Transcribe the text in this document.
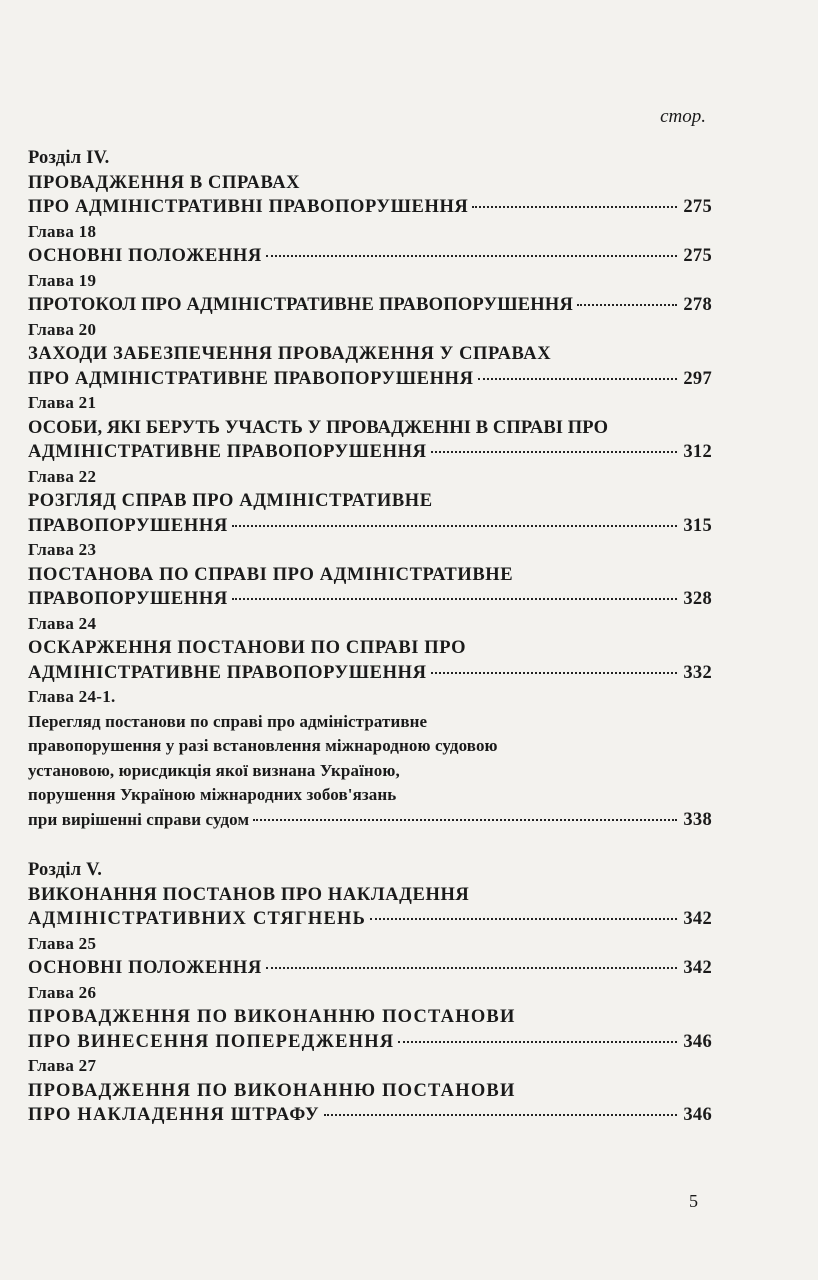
стор.
Розділ IV.
ПРОВАДЖЕННЯ В СПРАВАХ
ПРО АДМІНІСТРАТИВНІ ПРАВОПОРУШЕННЯ	275
Глава 18
ОСНОВНІ ПОЛОЖЕННЯ	275
Глава 19
ПРОТОКОЛ ПРО АДМІНІСТРАТИВНЕ ПРАВОПОРУШЕННЯ	278
Глава 20
ЗАХОДИ ЗАБЕЗПЕЧЕННЯ ПРОВАДЖЕННЯ У СПРАВАХ
ПРО АДМІНІСТРАТИВНЕ ПРАВОПОРУШЕННЯ	297
Глава 21
ОСОБИ, ЯКІ БЕРУТЬ УЧАСТЬ У ПРОВАДЖЕННІ В СПРАВІ ПРО
АДМІНІСТРАТИВНЕ ПРАВОПОРУШЕННЯ	312
Глава 22
РОЗГЛЯД СПРАВ ПРО АДМІНІСТРАТИВНЕ
ПРАВОПОРУШЕННЯ	315
Глава 23
ПОСТАНОВА ПО СПРАВІ ПРО АДМІНІСТРАТИВНЕ
ПРАВОПОРУШЕННЯ	328
Глава 24
ОСКАРЖЕННЯ ПОСТАНОВИ ПО СПРАВІ ПРО
АДМІНІСТРАТИВНЕ ПРАВОПОРУШЕННЯ	332
Глава 24-1.
Перегляд постанови по справі про адміністративне
правопорушення у разі встановлення міжнародною судовою
установою, юрисдикція якої визнана Україною,
порушення Україною міжнародних зобов'язань
при вирішенні справи судом	338
Розділ V.
ВИКОНАННЯ ПОСТАНОВ ПРО НАКЛАДЕННЯ
АДМІНІСТРАТИВНИХ СТЯГНЕНЬ	342
Глава 25
ОСНОВНІ ПОЛОЖЕННЯ	342
Глава 26
ПРОВАДЖЕННЯ ПО ВИКОНАННЮ ПОСТАНОВИ
ПРО ВИНЕСЕННЯ ПОПЕРЕДЖЕННЯ	346
Глава 27
ПРОВАДЖЕННЯ ПО ВИКОНАННЮ ПОСТАНОВИ
ПРО НАКЛАДЕННЯ ШТРАФУ	346
5
